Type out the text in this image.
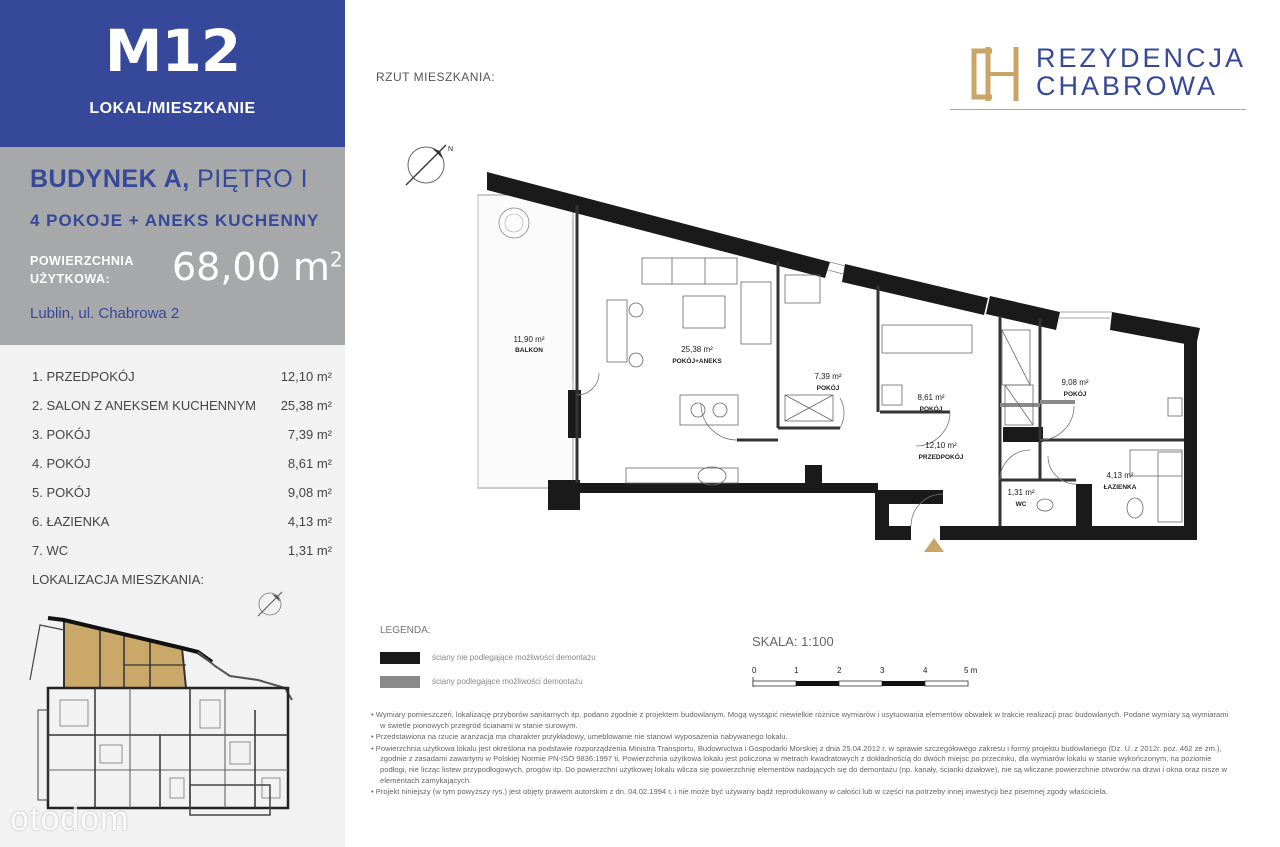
M12
LOKAL/MIESZKANIE
BUDYNEK A, PIĘTRO I
4 POKOJE + ANEKS KUCHENNY
POWIERZCHNIA
UŻYTKOWA:	68,00 $m^2$
Lublin, ul. Chabrowa 2
1. PRZEDPOKÓJ	12,10 m²
2. SALON Z ANEKSEM KUCHENNYM 25,38 m²
3. POKÓJ	7,39 m²
4. POKÓJ	8,61 m²
5. POKÓJ	9,08 m²
6. ŁAZIENKA	4,13 m²
7. WC	1,31 m²
LOKALIZACJA MIESZKANIA:
otodom
RZUT MIESZKANIA:
REZYDENCJA
CHABROWA
N
11,90 m²
BALKON	25,38 m²
POKÓJ+ANEKS
7,39 m²
POKÓJ
8,61 m²
POKÓJ
9,08 m²
POKÓJ
12,10 m²
PRZEDPOKÓJ
1,31 m²
WC
4,13 m²
ŁAZIENKA
LEGENDA:
ściany nie podlegające możliwości demontażu
ściany podlegające możliwości demontażu
SKALA: 1:100
0	1	2	3	4	5 m

• Wymiary pomieszczeń, lokalizację przyborów sanitarnych itp. podano zgodnie z projektem budowlanym. Mogą wystąpić niewielkie różnice wymiarów i usytuowania elementów obwałek w trakcie realizacji prac budowlanych. Podane wymiary są wymiarami w świetle pionowych przegród ścianami w stanie surowym.

• Przedstawiona na rzucie aranżacja ma charakter przykładowy, umeblowanie nie stanowi wyposażenia nabywanego lokalu.

• Powierzchnia użytkowa lokalu jest określona na podstawie rozporządzenia Ministra Transportu, Budownictwa i Gospodarki Morskiej z dnia 25.04.2012 r. w sprawie szczegółowego zakresu i formy projektu budowlanego (Dz. U. z 2012r. poz. 462 ze zm.), zgodnie z zasadami zawartymi w Polskiej Normie PN-ISO 9836:1997 ti. Powierzchnia użytkowa lokalu jest policzona w metrach kwadratowych z dokładnością do dwóch miejsc po przecinku, dla wymiarów lokalu w stanie wykończonym, na poziomie podłogi, nie licząc listew przypodłogowych, progów itp. Do powierzchni użytkowej lokalu wlicza się powierzchnię elementów nadających się do demontażu (np. kanały, ścianki działowe), nie są wliczane powierzchnie otworów na drzwi i okna oraz nisze w elementach zamykających.

• Projekt niniejszy (w tym powyższy rys.) jest objęty prawem autorskim z dn. 04.02.1994 r. i nie może być używany bądź reprodukowany w całości lub w części na potrzeby innej inwestycji bez pisemnej zgody właściciela.
